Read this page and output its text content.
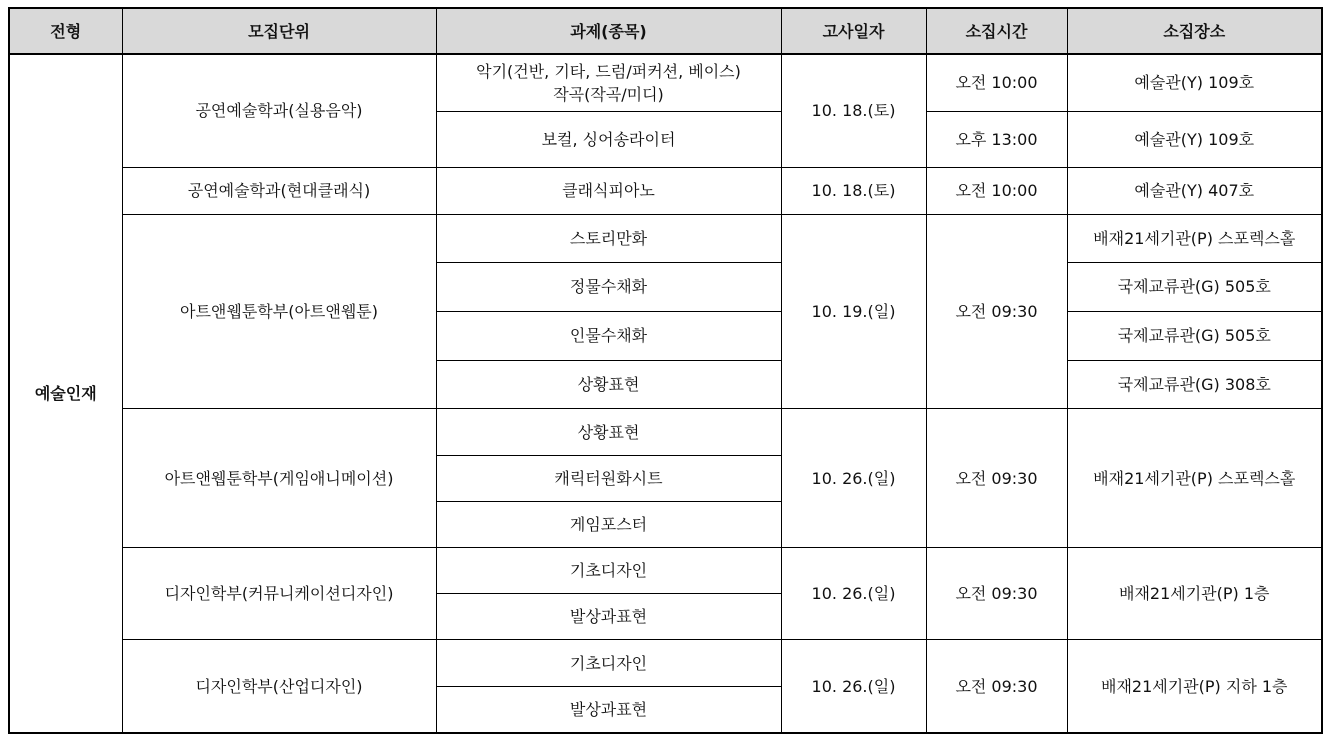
전형	모집단위	과제(종목)	고사일자	소집시간	소집장소
예술인재	공연예술학과(실용음악)	악기(건반, 기타, 드럼/퍼커션, 베이스)
작곡(작곡/미디)	10. 18.(토)	오전 10:00	예술관(Y) 109호
		보컬, 싱어송라이터		오후 13:00	예술관(Y) 109호
	공연예술학과(현대클래식)	클래식피아노	10. 18.(토)	오전 10:00	예술관(Y) 407호
	아트앤웹툰학부(아트앤웹툰)	스토리만화	10. 19.(일)	오전 09:30	배재21세기관(P) 스포렉스홀
		정물수채화			국제교류관(G) 505호
		인물수채화			국제교류관(G) 505호
		상황표현			국제교류관(G) 308호
	아트앤웹툰학부(게임애니메이션)	상황표현	10. 26.(일)	오전 09:30	배재21세기관(P) 스포렉스홀
		캐릭터원화시트			
		게임포스터			
	디자인학부(커뮤니케이션디자인)	기초디자인	10. 26.(일)	오전 09:30	배재21세기관(P) 1층
		발상과표현			
	디자인학부(산업디자인)	기초디자인	10. 26.(일)	오전 09:30	배재21세기관(P) 지하 1층
		발상과표현			
